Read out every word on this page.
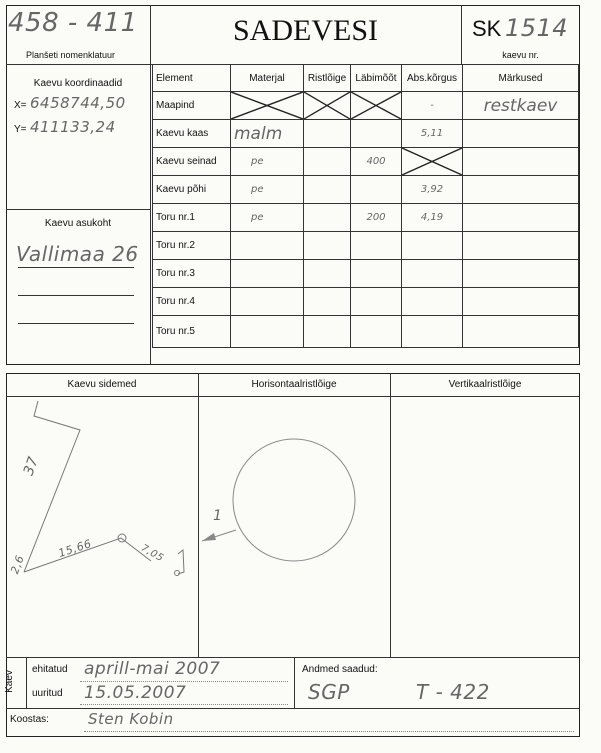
458 - 411
Planšeti nomenklatuur
SADEVESI	SK 1514
kaevu nr.
Kaevu koordinaadid
X= 6458744,50
Y= 411133,24
Kaevu asukoht
Vallimaa 26
Element	Materjal	Ristlõige	Läbimõõt	Abs.kõrgus	Märkused
Maapind				-	restkaev
Kaevu kaas	malm			5,11	
Kaevu seinad	pe		400	

Kaevu põhi	pe			3,92	
Toru nr.1	pe		200	4,19	
Toru nr.2					
Toru nr.3					
Toru nr.4					
Toru nr.5					
Kaevu sidemed	Horisontaalristlõige	Vertikaalristlõige
37
2,6
15,66	7,05
1
Kaev
ehitatud aprill-mai 2007
uuritud 15.05.2007
Andmed saadud:
SGP	T - 422
Koostas:	Sten Kobin
